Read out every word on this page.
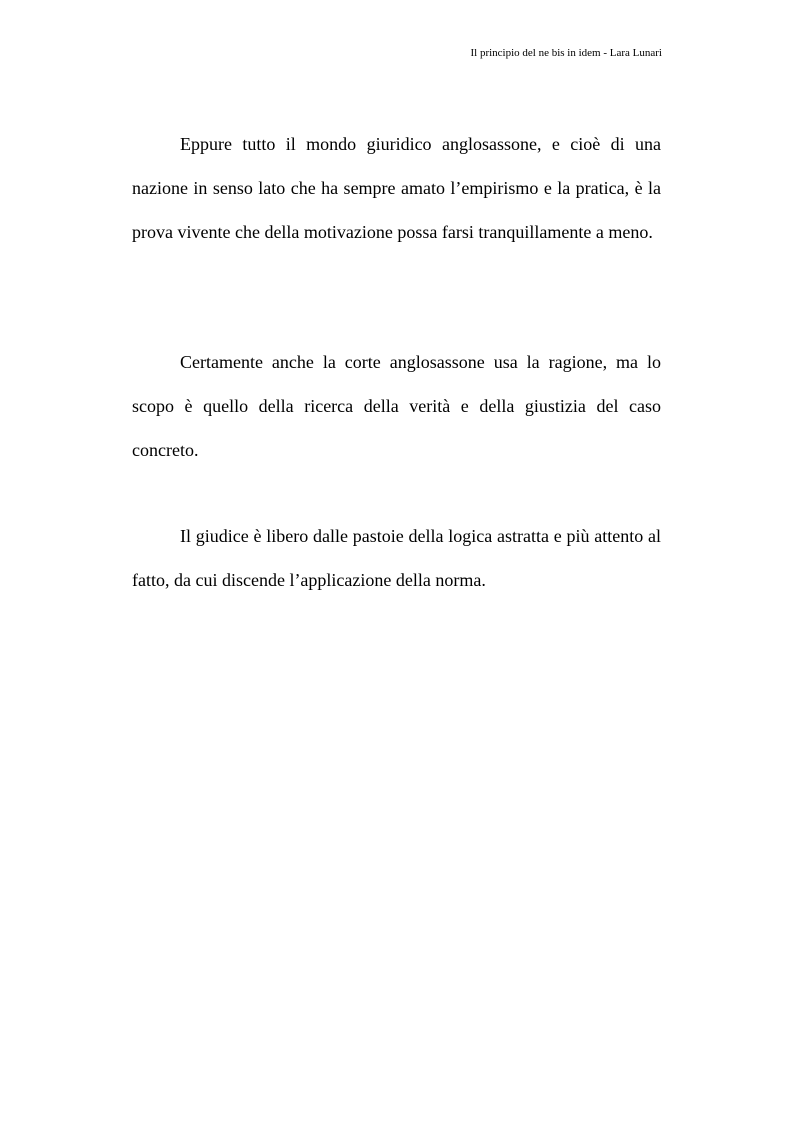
Il principio del ne bis in idem - Lara Lunari

Eppure tutto il mondo giuridico anglosassone, e cioè di una nazione in senso lato che ha sempre amato l’empirismo e la pratica, è la prova vivente che della motivazione possa farsi tranquillamente a meno.

Certamente anche la corte anglosassone usa la ragione, ma lo scopo è quello della ricerca della verità e della giustizia del caso concreto.

Il giudice è libero dalle pastoie della logica astratta e più attento al fatto, da cui discende l’applicazione della norma.
